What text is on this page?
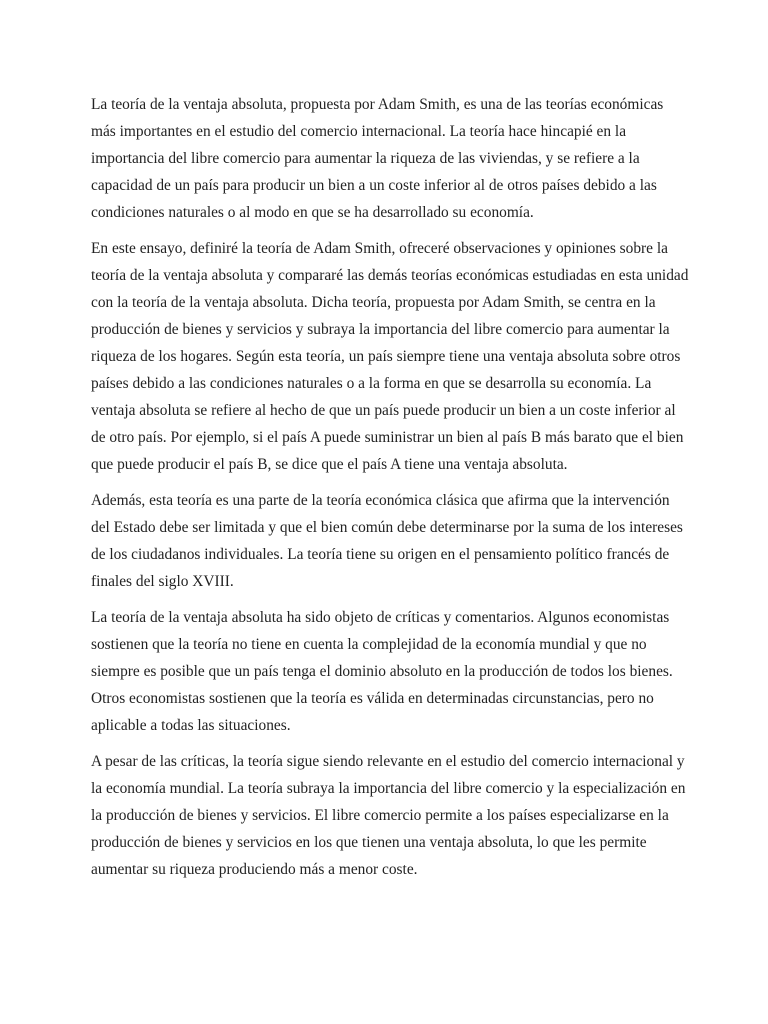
La teoría de la ventaja absoluta, propuesta por Adam Smith, es una de las teorías económicas
más importantes en el estudio del comercio internacional. La teoría hace hincapié en la
importancia del libre comercio para aumentar la riqueza de las viviendas, y se refiere a la
capacidad de un país para producir un bien a un coste inferior al de otros países debido a las
condiciones naturales o al modo en que se ha desarrollado su economía.

En este ensayo, definiré la teoría de Adam Smith, ofreceré observaciones y opiniones sobre la
teoría de la ventaja absoluta y compararé las demás teorías económicas estudiadas en esta unidad
con la teoría de la ventaja absoluta. Dicha teoría, propuesta por Adam Smith, se centra en la
producción de bienes y servicios y subraya la importancia del libre comercio para aumentar la
riqueza de los hogares. Según esta teoría, un país siempre tiene una ventaja absoluta sobre otros
países debido a las condiciones naturales o a la forma en que se desarrolla su economía. La
ventaja absoluta se refiere al hecho de que un país puede producir un bien a un coste inferior al
de otro país. Por ejemplo, si el país A puede suministrar un bien al país B más barato que el bien
que puede producir el país B, se dice que el país A tiene una ventaja absoluta.

Además, esta teoría es una parte de la teoría económica clásica que afirma que la intervención
del Estado debe ser limitada y que el bien común debe determinarse por la suma de los intereses
de los ciudadanos individuales. La teoría tiene su origen en el pensamiento político francés de
finales del siglo XVIII.

La teoría de la ventaja absoluta ha sido objeto de críticas y comentarios. Algunos economistas
sostienen que la teoría no tiene en cuenta la complejidad de la economía mundial y que no
siempre es posible que un país tenga el dominio absoluto en la producción de todos los bienes.
Otros economistas sostienen que la teoría es válida en determinadas circunstancias, pero no
aplicable a todas las situaciones.

A pesar de las críticas, la teoría sigue siendo relevante en el estudio del comercio internacional y
la economía mundial. La teoría subraya la importancia del libre comercio y la especialización en
la producción de bienes y servicios. El libre comercio permite a los países especializarse en la
producción de bienes y servicios en los que tienen una ventaja absoluta, lo que les permite
aumentar su riqueza produciendo más a menor coste.
